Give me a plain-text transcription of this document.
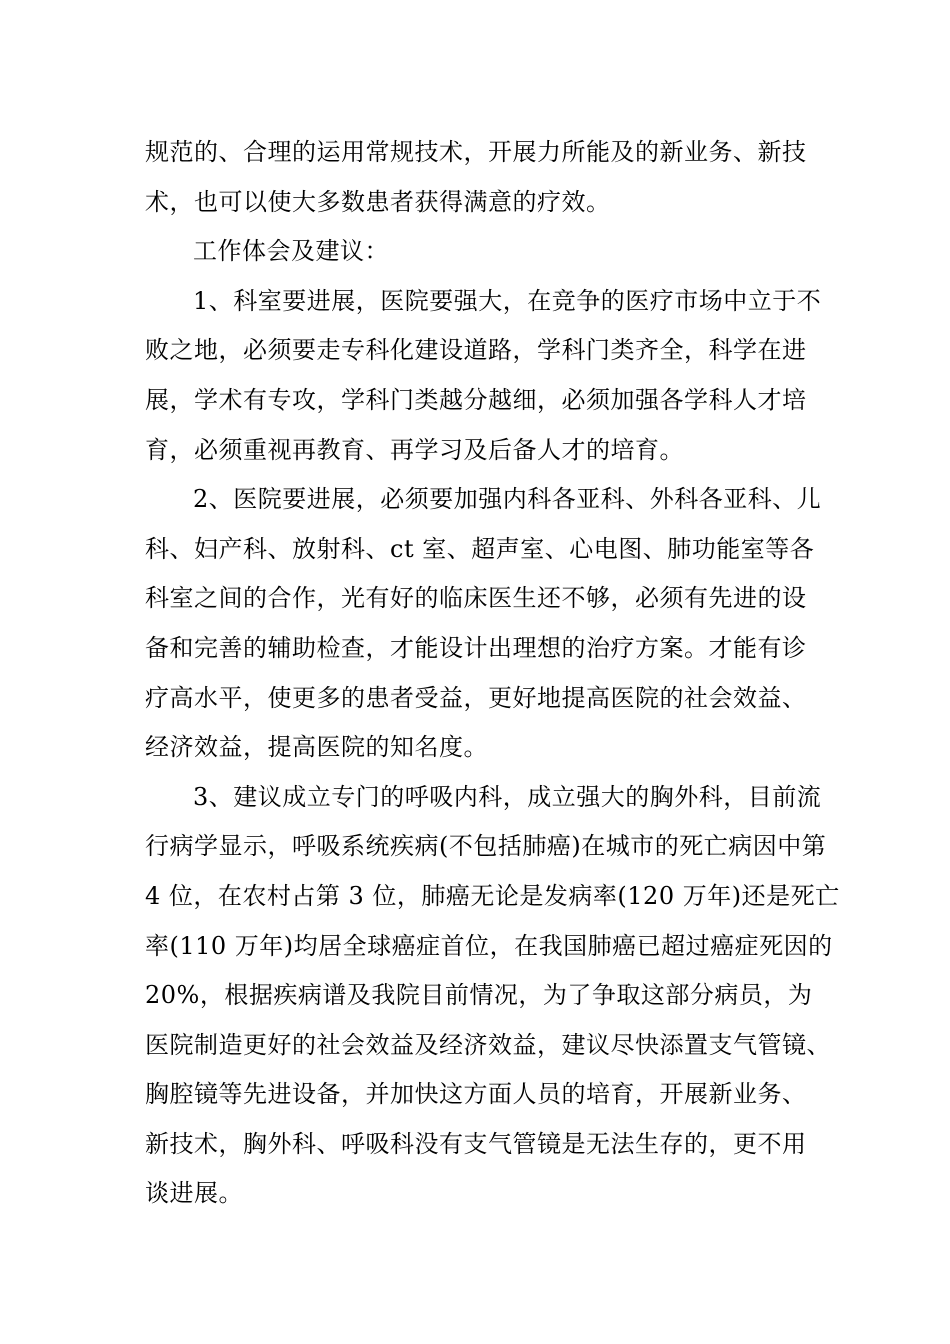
规范的、合理的运用常规技术，开展力所能及的新业务、新技
术，也可以使大多数患者获得满意的疗效。
工作体会及建议：
1、科室要进展，医院要强大，在竞争的医疗市场中立于不
败之地，必须要走专科化建设道路，学科门类齐全，科学在进
展，学术有专攻，学科门类越分越细，必须加强各学科人才培
育，必须重视再教育、再学习及后备人才的培育。
2、医院要进展，必须要加强内科各亚科、外科各亚科、儿
科、妇产科、放射科、ct 室、超声室、心电图、肺功能室等各
科室之间的合作，光有好的临床医生还不够，必须有先进的设
备和完善的辅助检查，才能设计出理想的治疗方案。才能有诊
疗高水平，使更多的患者受益，更好地提高医院的社会效益、
经济效益，提高医院的知名度。
3、建议成立专门的呼吸内科，成立强大的胸外科，目前流
行病学显示，呼吸系统疾病(不包括肺癌)在城市的死亡病因中第
4 位，在农村占第 3 位，肺癌无论是发病率(120 万年)还是死亡
率(110 万年)均居全球癌症首位，在我国肺癌已超过癌症死因的
20%，根据疾病谱及我院目前情况，为了争取这部分病员，为
医院制造更好的社会效益及经济效益，建议尽快添置支气管镜、
胸腔镜等先进设备，并加快这方面人员的培育，开展新业务、
新技术，胸外科、呼吸科没有支气管镜是无法生存的，更不用
谈进展。
